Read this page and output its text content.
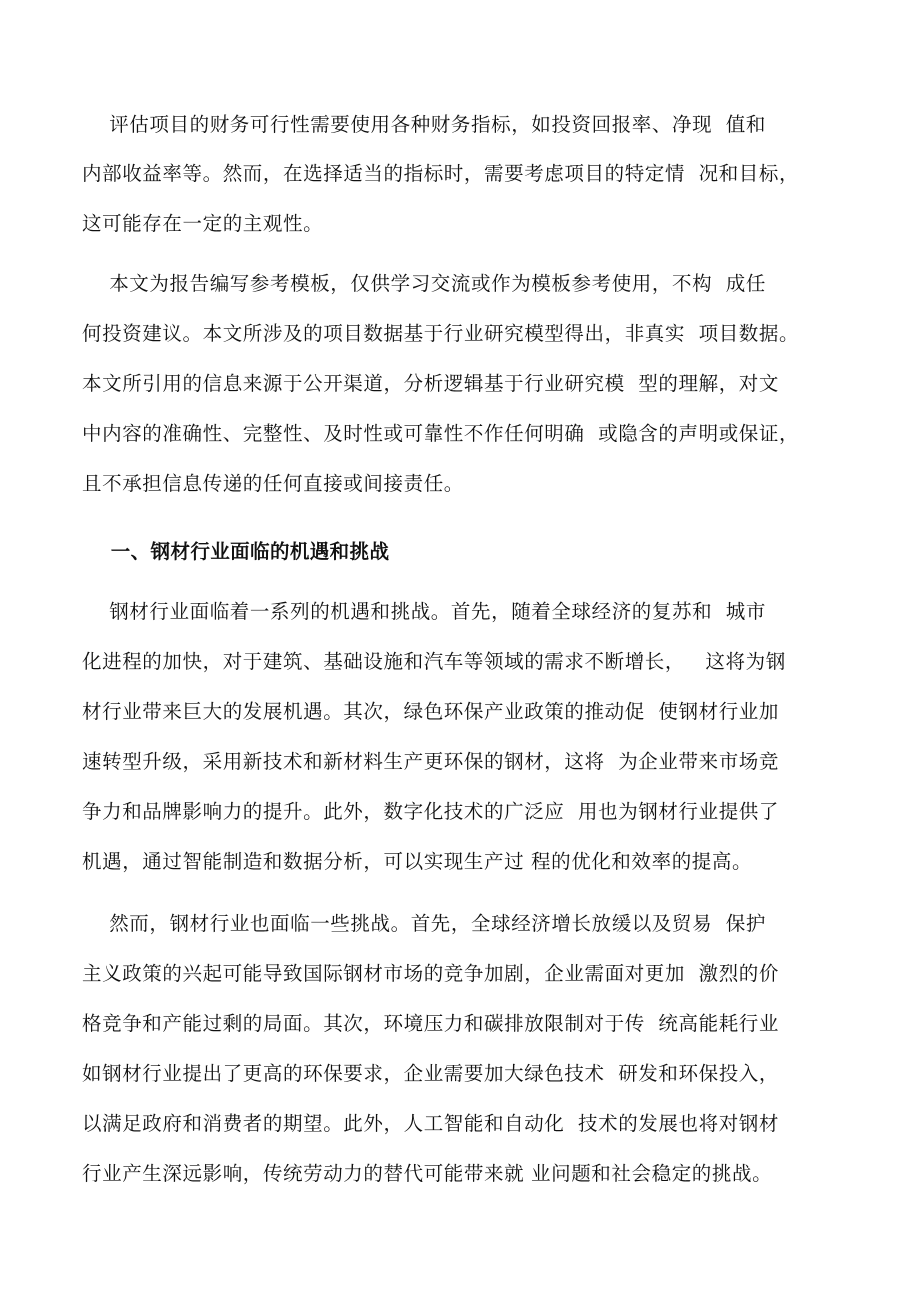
评估项目的财务可行性需要使用各种财务指标，如投资回报率、净现  值和
内部收益率等。然而，在选择适当的指标时，需要考虑项目的特定情  况和目标，
这可能存在一定的主观性。
本文为报告编写参考模板，仅供学习交流或作为模板参考使用，不构  成任
何投资建议。本文所涉及的项目数据基于行业研究模型得出，非真实  项目数据。
本文所引用的信息来源于公开渠道，分析逻辑基于行业研究模  型的理解，对文
中内容的准确性、完整性、及时性或可靠性不作任何明确  或隐含的声明或保证，
且不承担信息传递的任何直接或间接责任。
一、钢材行业面临的机遇和挑战
钢材行业面临着一系列的机遇和挑战。首先，随着全球经济的复苏和  城市
化进程的加快，对于建筑、基础设施和汽车等领域的需求不断增长，   这将为钢
材行业带来巨大的发展机遇。其次，绿色环保产业政策的推动促  使钢材行业加
速转型升级，采用新技术和新材料生产更环保的钢材，这将  为企业带来市场竞
争力和品牌影响力的提升。此外，数字化技术的广泛应  用也为钢材行业提供了
机遇，通过智能制造和数据分析，可以实现生产过 程的优化和效率的提高。
然而，钢材行业也面临一些挑战。首先，全球经济增长放缓以及贸易  保护
主义政策的兴起可能导致国际钢材市场的竞争加剧，企业需面对更加  激烈的价
格竞争和产能过剩的局面。其次，环境压力和碳排放限制对于传  统高能耗行业
如钢材行业提出了更高的环保要求，企业需要加大绿色技术  研发和环保投入，
以满足政府和消费者的期望。此外，人工智能和自动化  技术的发展也将对钢材
行业产生深远影响，传统劳动力的替代可能带来就 业问题和社会稳定的挑战。
